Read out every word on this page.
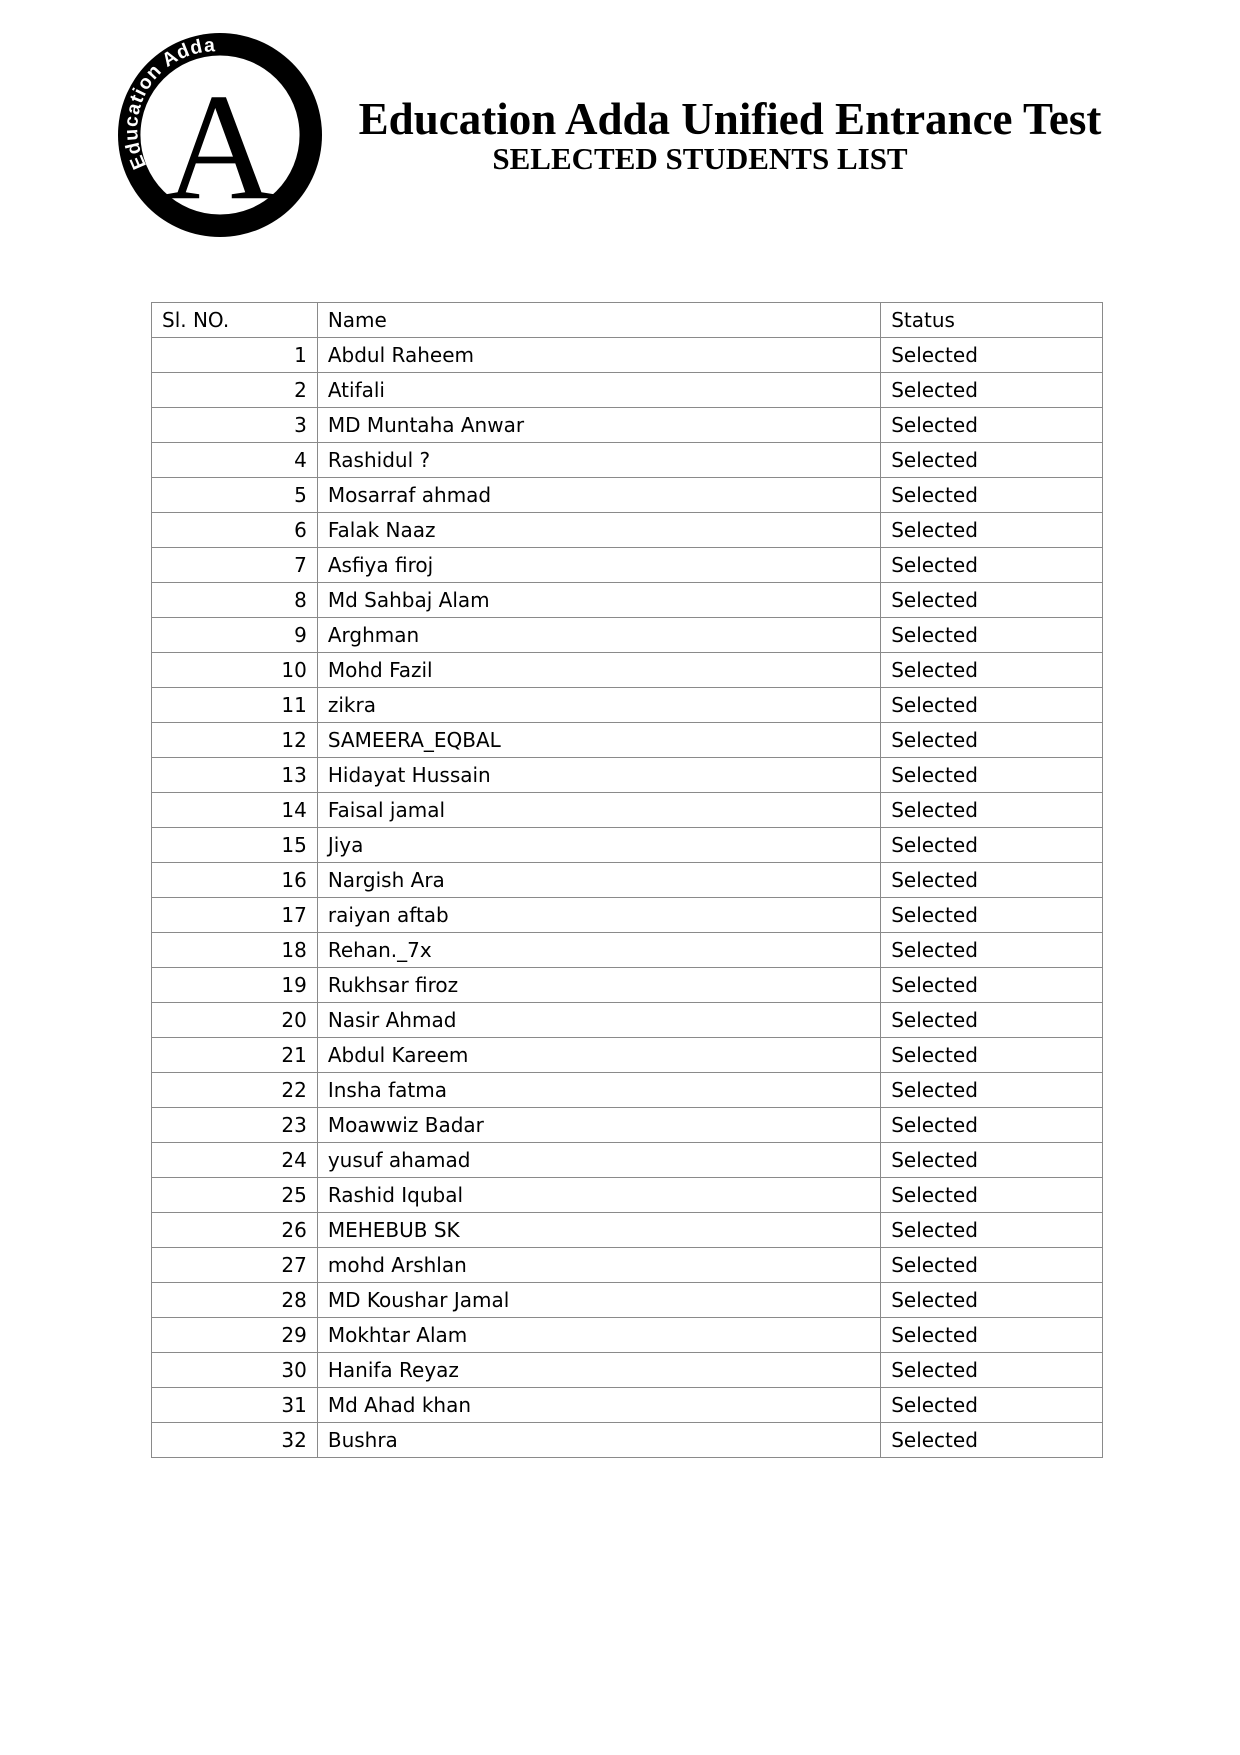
Education Adda
A Education Adda Unified Entrance Test
SELECTED STUDENTS LIST
Sl. NO.	Name	Status
1	Abdul Raheem	Selected
2	Atifali	Selected
3	MD Muntaha Anwar	Selected
4	Rashidul ?	Selected
5	Mosarraf ahmad	Selected
6	Falak Naaz	Selected
7	Asfiya firoj	Selected
8	Md Sahbaj Alam	Selected
9	Arghman	Selected
10	Mohd Fazil	Selected
11	zikra	Selected
12	SAMEERA_EQBAL	Selected
13	Hidayat Hussain	Selected
14	Faisal jamal	Selected
15	Jiya	Selected
16	Nargish Ara	Selected
17	raiyan aftab	Selected
18	Rehan._7x	Selected
19	Rukhsar firoz	Selected
20	Nasir Ahmad	Selected
21	Abdul Kareem	Selected
22	Insha fatma	Selected
23	Moawwiz Badar	Selected
24	yusuf ahamad	Selected
25	Rashid Iqubal	Selected
26	MEHEBUB SK	Selected
27	mohd Arshlan	Selected
28	MD Koushar Jamal	Selected
29	Mokhtar Alam	Selected
30	Hanifa Reyaz	Selected
31	Md Ahad khan	Selected
32	Bushra	Selected
